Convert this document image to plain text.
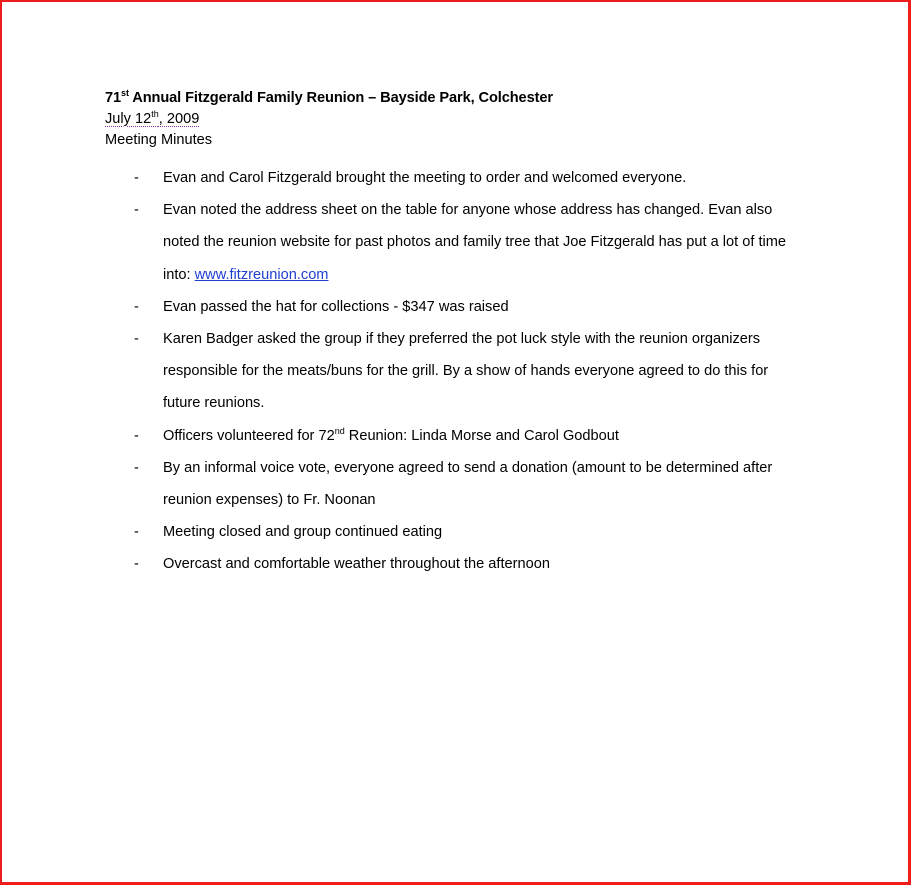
71st Annual Fitzgerald Family Reunion – Bayside Park, Colchester
July 12th, 2009
Meeting Minutes
- Evan and Carol Fitzgerald brought the meeting to order and welcomed everyone.
- Evan noted the address sheet on the table for anyone whose address has changed. Evan also noted the reunion website for past photos and family tree that Joe Fitzgerald has put a lot of time into: www.fitzreunion.com
- Evan passed the hat for collections - $347 was raised
- Karen Badger asked the group if they preferred the pot luck style with the reunion organizers responsible for the meats/buns for the grill. By a show of hands everyone agreed to do this for future reunions.
- Officers volunteered for 72nd Reunion: Linda Morse and Carol Godbout
- By an informal voice vote, everyone agreed to send a donation (amount to be determined after reunion expenses) to Fr. Noonan
- Meeting closed and group continued eating
- Overcast and comfortable weather throughout the afternoon
